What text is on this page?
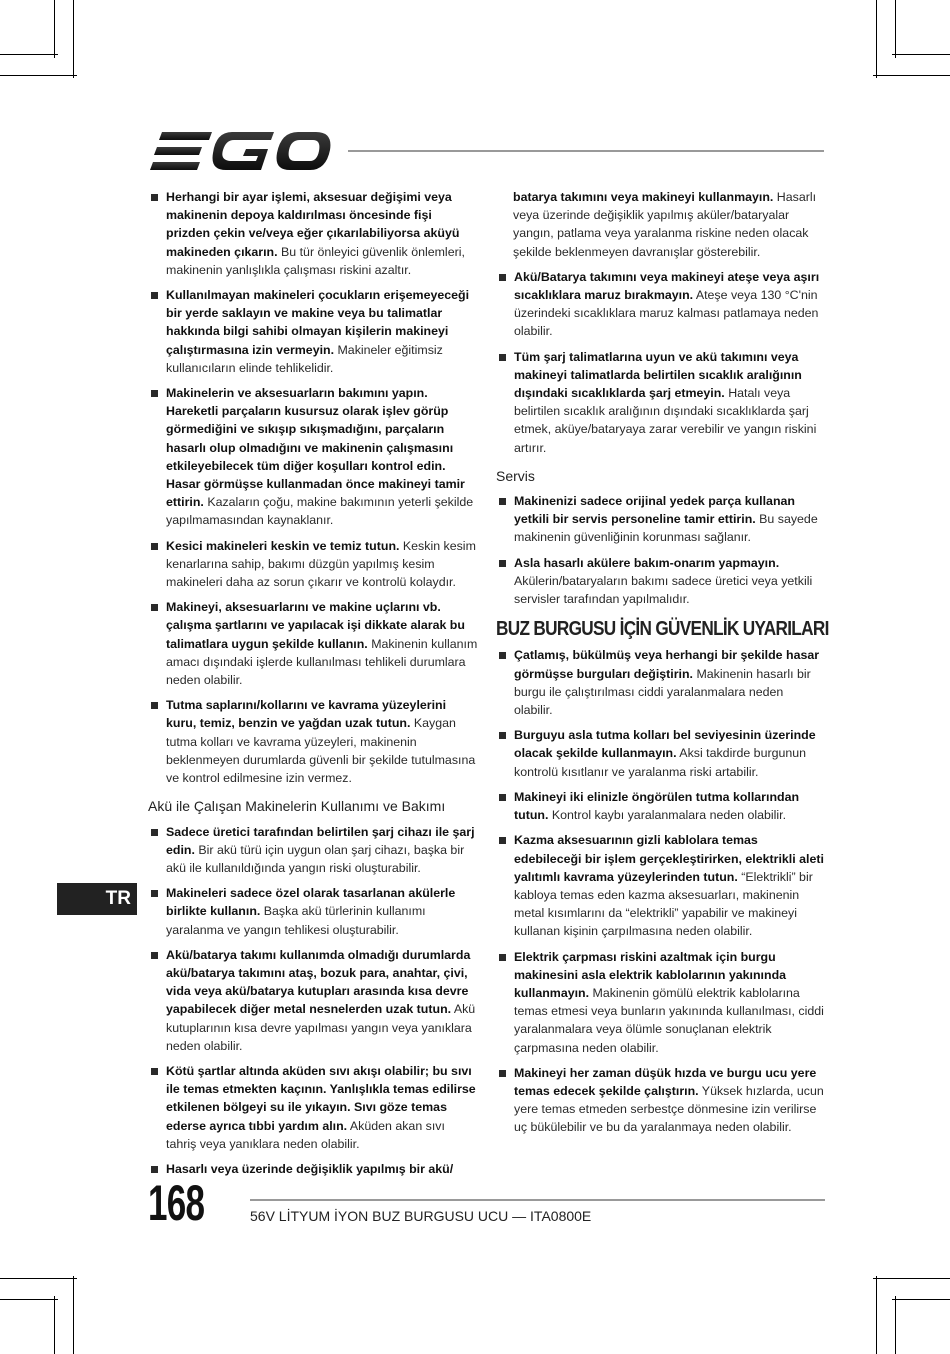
Herhangi bir ayar işlemi, aksesuar değişimi veya makinenin depoya kaldırılması öncesinde fişi prizden çekin ve/veya eğer çıkarılabiliyorsa aküyü makineden çıkarın. Bu tür önleyici güvenlik önlemleri, makinenin yanlışlıkla çalışması riskini azaltır.
Kullanılmayan makineleri çocukların erişemeyeceği bir yerde saklayın ve makine veya bu talimatlar hakkında bilgi sahibi olmayan kişilerin makineyi çalıştırmasına izin vermeyin. Makineler eğitimsiz kullanıcıların elinde tehlikelidir.
Makinelerin ve aksesuarların bakımını yapın. Hareketli parçaların kusursuz olarak işlev görüp görmediğini ve sıkışıp sıkışmadığını, parçaların hasarlı olup olmadığını ve makinenin çalışmasını etkileyebilecek tüm diğer koşulları kontrol edin. Hasar görmüşse kullanmadan önce makineyi tamir ettirin. Kazaların çoğu, makine bakımının yeterli şekilde yapılmamasından kaynaklanır.
Kesici makineleri keskin ve temiz tutun. Keskin kesim kenarlarına sahip, bakımı düzgün yapılmış kesim makineleri daha az sorun çıkarır ve kontrolü kolaydır.
Makineyi, aksesuarlarını ve makine uçlarını vb. çalışma şartlarını ve yapılacak işi dikkate alarak bu talimatlara uygun şekilde kullanın. Makinenin kullanım amacı dışındaki işlerde kullanılması tehlikeli durumlara neden olabilir.
Tutma saplarını/kollarını ve kavrama yüzeylerini kuru, temiz, benzin ve yağdan uzak tutun. Kaygan tutma kolları ve kavrama yüzeyleri, makinenin beklenmeyen durumlarda güvenli bir şekilde tutulmasına ve kontrol edilmesine izin vermez.
Akü ile Çalışan Makinelerin Kullanımı ve Bakımı
Sadece üretici tarafından belirtilen şarj cihazı ile şarj edin. Bir akü türü için uygun olan şarj cihazı, başka bir akü ile kullanıldığında yangın riski oluşturabilir.
Makineleri sadece özel olarak tasarlanan akülerle birlikte kullanın. Başka akü türlerinin kullanımı yaralanma ve yangın tehlikesi oluşturabilir.
Akü/batarya takımı kullanımda olmadığı durumlarda akü/batarya takımını ataş, bozuk para, anahtar, çivi, vida veya akü/batarya kutupları arasında kısa devre yapabilecek diğer metal nesnelerden uzak tutun. Akü kutuplarının kısa devre yapılması yangın veya yanıklara neden olabilir.
Kötü şartlar altında aküden sıvı akışı olabilir; bu sıvı ile temas etmekten kaçının. Yanlışlıkla temas edilirse etkilenen bölgeyi su ile yıkayın. Sıvı göze temas ederse ayrıca tıbbi yardım alın. Aküden akan sıvı tahriş veya yanıklara neden olabilir.
Hasarlı veya üzerinde değişiklik yapılmış bir akü/
batarya takımını veya makineyi kullanmayın. Hasarlı veya üzerinde değişiklik yapılmış aküler/bataryalar yangın, patlama veya yaralanma riskine neden olacak şekilde beklenmeyen davranışlar gösterebilir.
Akü/Batarya takımını veya makineyi ateşe veya aşırı sıcaklıklara maruz bırakmayın. Ateşe veya 130 °C'nin üzerindeki sıcaklıklara maruz kalması patlamaya neden olabilir.
Tüm şarj talimatlarına uyun ve akü takımını veya makineyi talimatlarda belirtilen sıcaklık aralığının dışındaki sıcaklıklarda şarj etmeyin. Hatalı veya belirtilen sıcaklık aralığının dışındaki sıcaklıklarda şarj etmek, aküye/bataryaya zarar verebilir ve yangın riskini artırır.
Servis
Makinenizi sadece orijinal yedek parça kullanan yetkili bir servis personeline tamir ettirin. Bu sayede makinenin güvenliğinin korunması sağlanır.
Asla hasarlı akülere bakım-onarım yapmayın. Akülerin/bataryaların bakımı sadece üretici veya yetkili servisler tarafından yapılmalıdır.
BUZ BURGUSU İÇİN GÜVENLİK UYARILARI
Çatlamış, bükülmüş veya herhangi bir şekilde hasar görmüşse burguları değiştirin. Makinenin hasarlı bir burgu ile çalıştırılması ciddi yaralanmalara neden olabilir.
Burguyu asla tutma kolları bel seviyesinin üzerinde olacak şekilde kullanmayın. Aksi takdirde burgunun kontrolü kısıtlanır ve yaralanma riski artabilir.
Makineyi iki elinizle öngörülen tutma kollarından tutun. Kontrol kaybı yaralanmalara neden olabilir.
Kazma aksesuarının gizli kablolara temas edebileceği bir işlem gerçekleştirirken, elektrikli aleti yalıtımlı kavrama yüzeylerinden tutun. “Elektrikli” bir kabloya temas eden kazma aksesuarları, makinenin metal kısımlarını da “elektrikli” yapabilir ve makineyi kullanan kişinin çarpılmasına neden olabilir.
Elektrik çarpması riskini azaltmak için burgu makinesini asla elektrik kablolarının yakınında kullanmayın. Makinenin gömülü elektrik kablolarına temas etmesi veya bunların yakınında kullanılması, ciddi yaralanmalara veya ölümle sonuçlanan elektrik çarpmasına neden olabilir.
Makineyi her zaman düşük hızda ve burgu ucu yere temas edecek şekilde çalıştırın. Yüksek hızlarda, ucun yere temas etmeden serbestçe dönmesine izin verilirse uç bükülebilir ve bu da yaralanmaya neden olabilir.
TR
168	56V LİTYUM İYON BUZ BURGUSU UCU — ITA0800E
